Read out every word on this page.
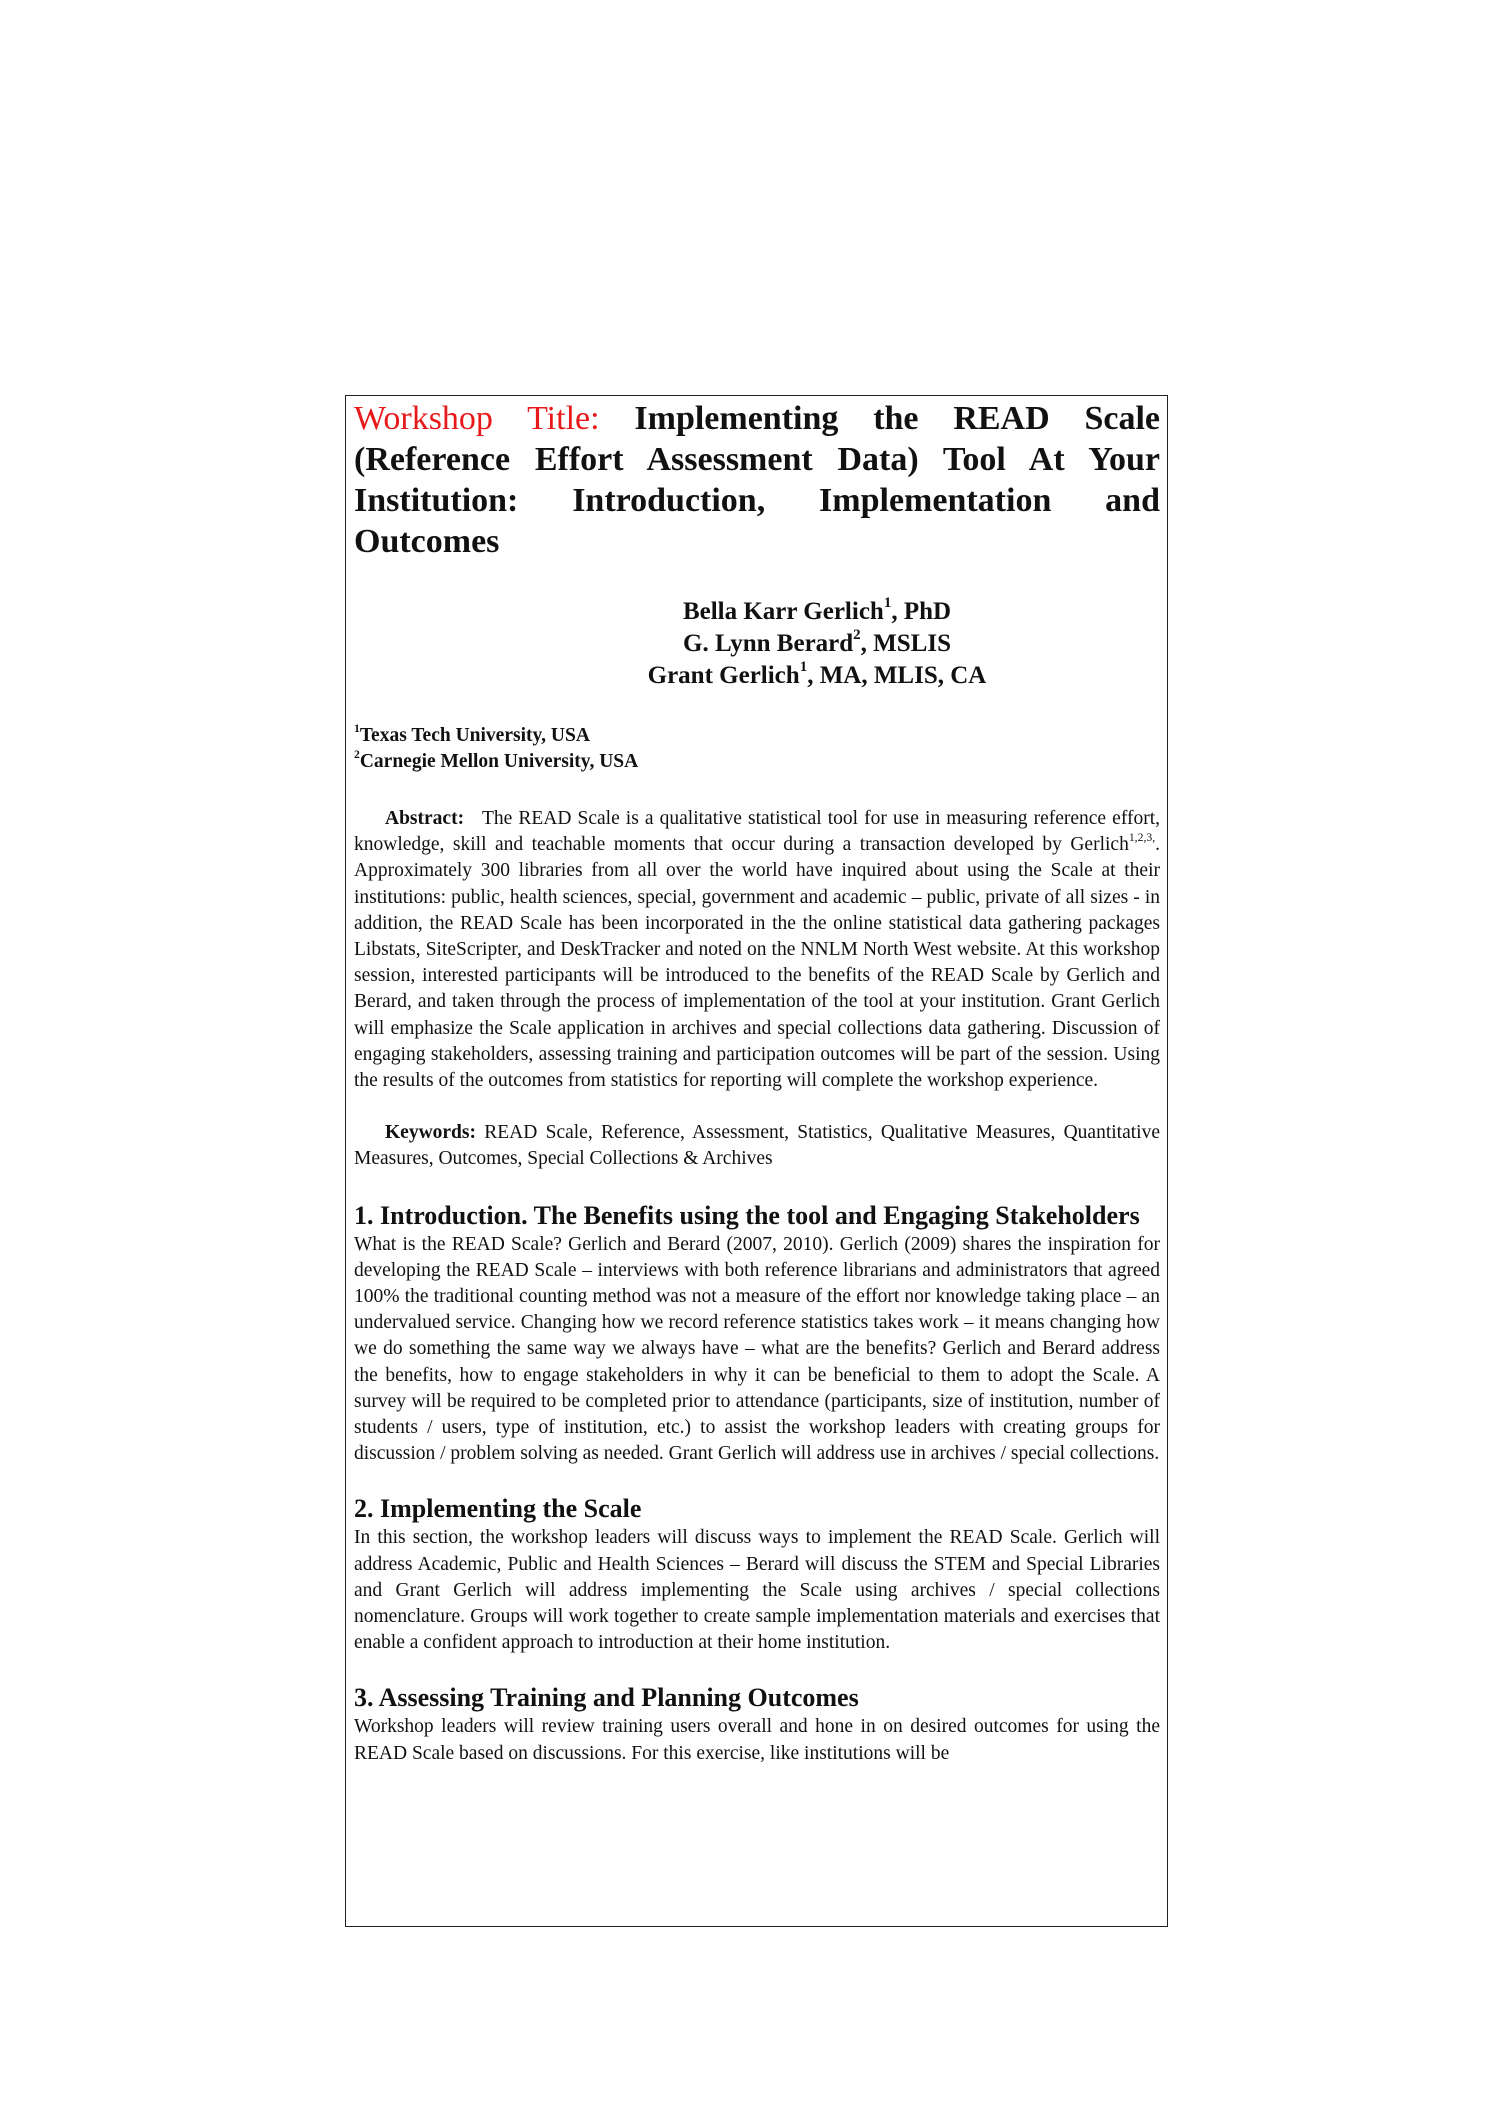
Workshop Title: Implementing the READ Scale (Reference Effort Assessment Data) Tool At Your Institution: Introduction, Implementation and Outcomes
Bella Karr Gerlich$^1$, PhD
G. Lynn Berard$^2$, MSLIS
Grant Gerlich$^1$, MA, MLIS, CA
$^1$Texas Tech University, USA
$^2$Carnegie Mellon University, USA

Abstract: The READ Scale is a qualitative statistical tool for use in measuring reference effort, knowledge, skill and teachable moments that occur during a transaction developed by Gerlich$^{1,2,3,}$. Approximately 300 libraries from all over the world have inquired about using the Scale at their institutions: public, health sciences, special, government and academic – public, private of all sizes - in addition, the READ Scale has been incorporated in the the online statistical data gathering packages Libstats, SiteScripter, and DeskTracker and noted on the NNLM North West website. At this workshop session, interested participants will be introduced to the benefits of the READ Scale by Gerlich and Berard, and taken through the process of implementation of the tool at your institution. Grant Gerlich will emphasize the Scale application in archives and special collections data gathering. Discussion of engaging stakeholders, assessing training and participation outcomes will be part of the session. Using the results of the outcomes from statistics for reporting will complete the workshop experience.

Keywords: READ Scale, Reference, Assessment, Statistics, Qualitative Measures, Quantitative Measures, Outcomes, Special Collections & Archives

1. Introduction. The Benefits using the tool and Engaging Stakeholders

What is the READ Scale? Gerlich and Berard (2007, 2010). Gerlich (2009) shares the inspiration for developing the READ Scale – interviews with both reference librarians and administrators that agreed 100% the traditional counting method was not a measure of the effort nor knowledge taking place – an undervalued service. Changing how we record reference statistics takes work – it means changing how we do something the same way we always have – what are the benefits? Gerlich and Berard address the benefits, how to engage stakeholders in why it can be beneficial to them to adopt the Scale. A survey will be required to be completed prior to attendance (participants, size of institution, number of students / users, type of institution, etc.) to assist the workshop leaders with creating groups for discussion / problem solving as needed. Grant Gerlich will address use in archives / special collections.

2. Implementing the Scale

In this section, the workshop leaders will discuss ways to implement the READ Scale. Gerlich will address Academic, Public and Health Sciences – Berard will discuss the STEM and Special Libraries and Grant Gerlich will address implementing the Scale using archives / special collections nomenclature. Groups will work together to create sample implementation materials and exercises that enable a confident approach to introduction at their home institution.

3. Assessing Training and Planning Outcomes

Workshop leaders will review training users overall and hone in on desired outcomes for using the READ Scale based on discussions. For this exercise, like institutions will be
